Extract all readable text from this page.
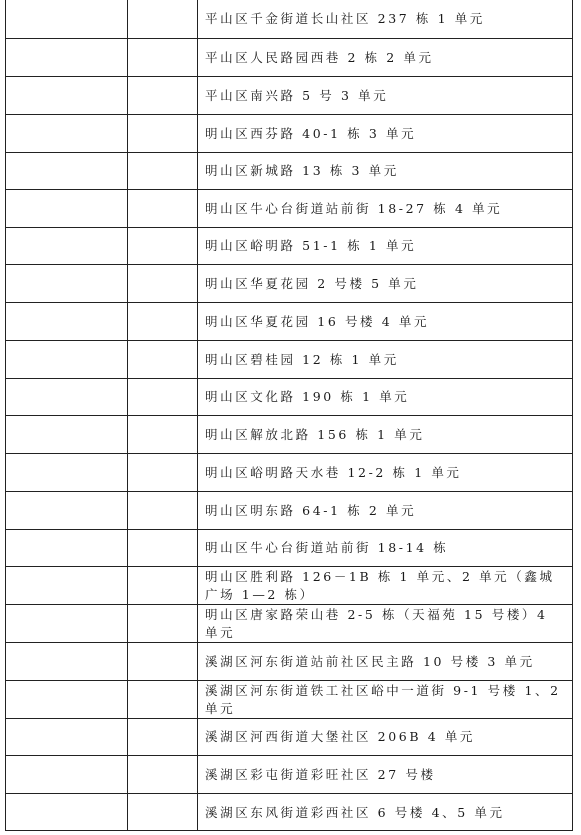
平山区千金街道长山社区 237 栋 1 单元
平山区人民路园西巷 2 栋 2 单元
平山区南兴路 5 号 3 单元
明山区西芬路 40-1 栋 3 单元
明山区新城路 13 栋 3 单元
明山区牛心台街道站前街 18-27 栋 4 单元
明山区峪明路 51-1 栋 1 单元
明山区华夏花园 2 号楼 5 单元
明山区华夏花园 16 号楼 4 单元
明山区碧桂园 12 栋 1 单元
明山区文化路 190 栋 1 单元
明山区解放北路 156 栋 1 单元
明山区峪明路天水巷 12-2 栋 1 单元
明山区明东路 64-1 栋 2 单元
明山区牛心台街道站前街 18-14 栋
明山区胜利路 126－1B 栋 1 单元、2 单元（鑫城广场 1—2 栋）
明山区唐家路荣山巷 2-5 栋（天福苑 15 号楼）4 单元
溪湖区河东街道站前社区民主路 10 号楼 3 单元
溪湖区河东街道铁工社区峪中一道街 9-1 号楼 1、2 单元
溪湖区河西街道大堡社区 206B 4 单元
溪湖区彩屯街道彩旺社区 27 号楼
溪湖区东风街道彩西社区 6 号楼 4、5 单元
